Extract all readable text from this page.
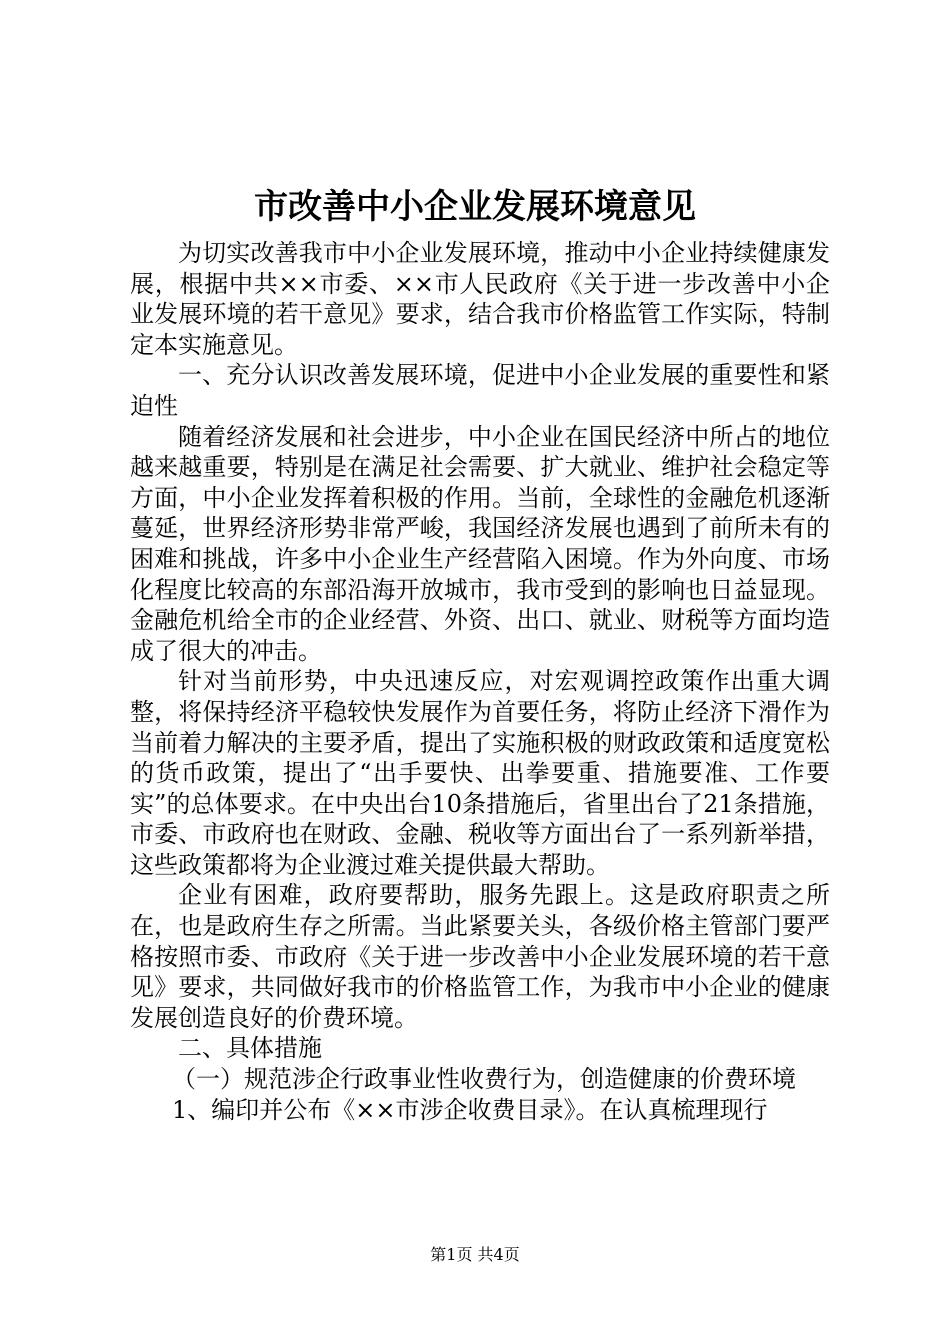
市改善中小企业发展环境意见

为切实改善我市中小企业发展环境，推动中小企业持续健康发展，根据中共××市委、××市人民政府《关于进一步改善中小企业发展环境的若干意见》要求，结合我市价格监管工作实际，特制定本实施意见。

一、充分认识改善发展环境，促进中小企业发展的重要性和紧迫性

随着经济发展和社会进步，中小企业在国民经济中所占的地位越来越重要，特别是在满足社会需要、扩大就业、维护社会稳定等方面，中小企业发挥着积极的作用。当前，全球性的金融危机逐渐蔓延，世界经济形势非常严峻，我国经济发展也遇到了前所未有的困难和挑战，许多中小企业生产经营陷入困境。作为外向度、市场化程度比较高的东部沿海开放城市，我市受到的影响也日益显现。金融危机给全市的企业经营、外资、出口、就业、财税等方面均造成了很大的冲击。

针对当前形势，中央迅速反应，对宏观调控政策作出重大调整，将保持经济平稳较快发展作为首要任务，将防止经济下滑作为当前着力解决的主要矛盾，提出了实施积极的财政政策和适度宽松的货币政策，提出了“出手要快、出拳要重、措施要准、工作要实”的总体要求。在中央出台10条措施后，省里出台了21条措施，市委、市政府也在财政、金融、税收等方面出台了一系列新举措，这些政策都将为企业渡过难关提供最大帮助。

企业有困难，政府要帮助，服务先跟上。这是政府职责之所在，也是政府生存之所需。当此紧要关头，各级价格主管部门要严格按照市委、市政府《关于进一步改善中小企业发展环境的若干意见》要求，共同做好我市的价格监管工作，为我市中小企业的健康发展创造良好的价费环境。

二、具体措施

（一）规范涉企行政事业性收费行为，创造健康的价费环境

1、编印并公布《××市涉企收费目录》。在认真梳理现行

第1页 共4页
